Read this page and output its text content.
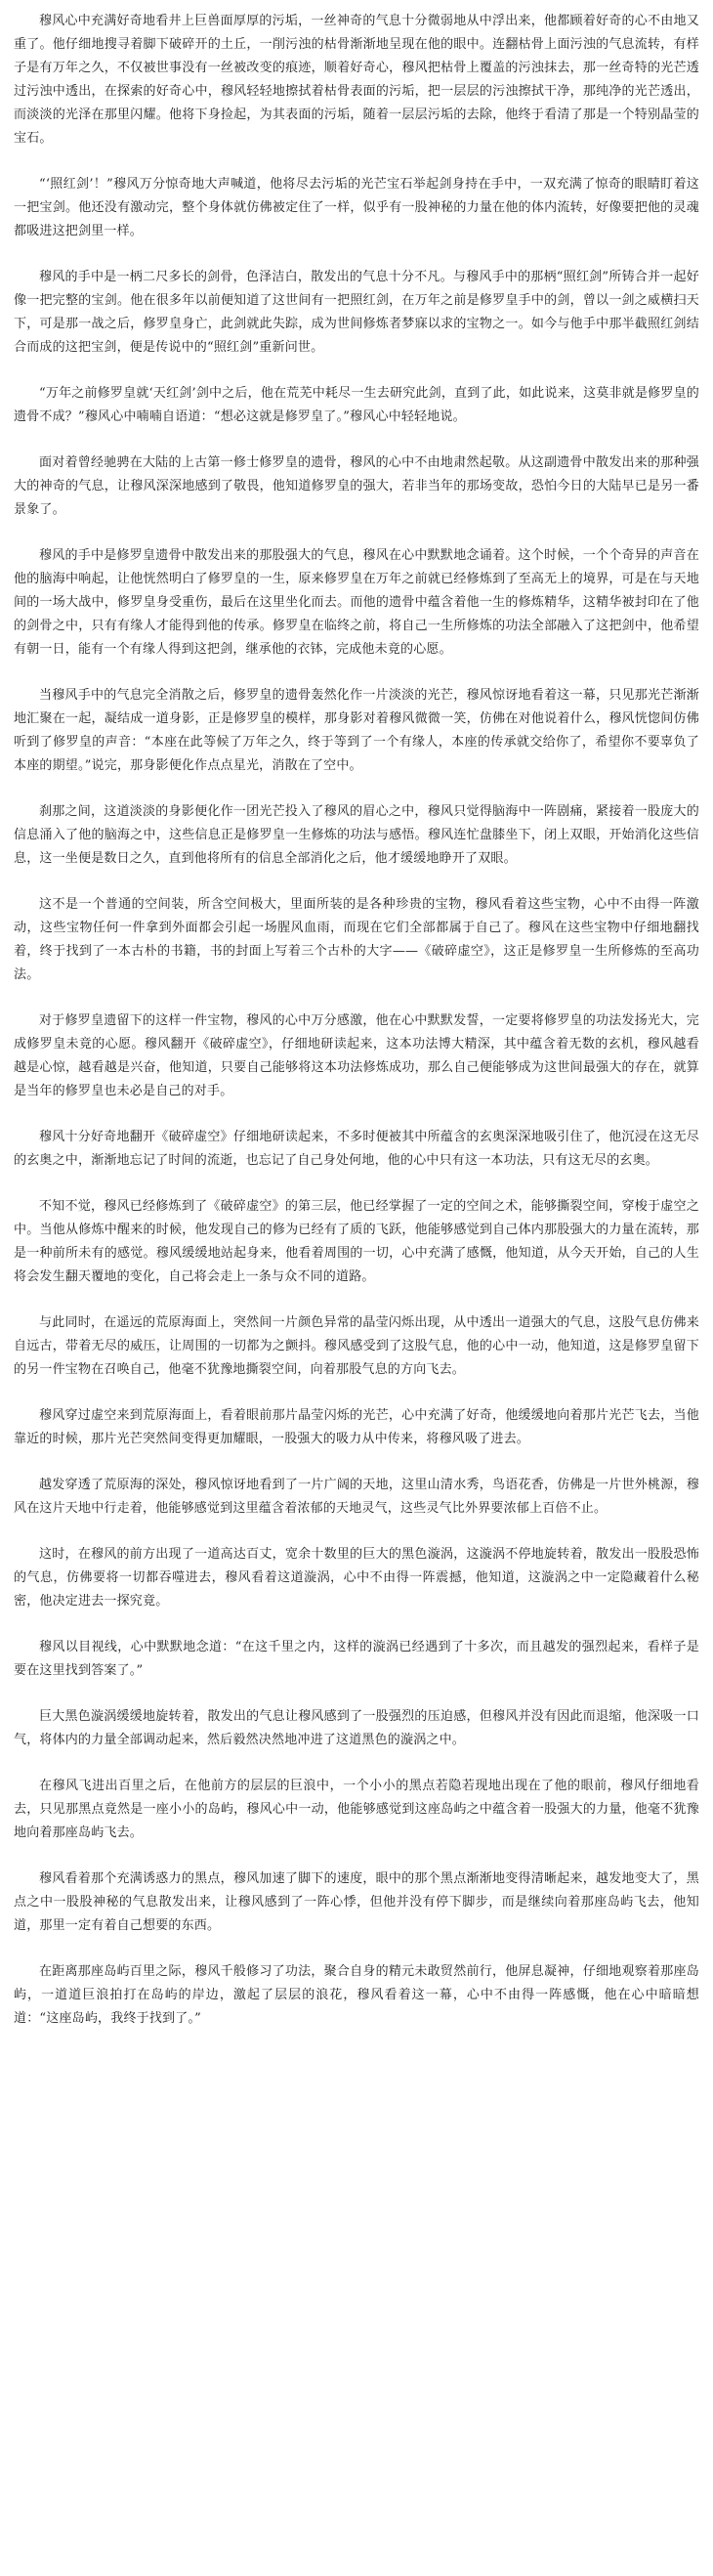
穆风心中充满好奇地看井上巨兽面厚厚的污垢，一丝神奇的气息十分微弱地从中浮出来，他都顾着好奇的心不由地又重了。他仔细地搜寻着脚下破碎开的土丘，一削污浊的枯骨渐渐地呈现在他的眼中。连翻枯骨上面污浊的气息流转，有样子是有万年之久，不仅被世事没有一丝被改变的痕迹，顺着好奇心，穆风把枯骨上覆盖的污浊抹去，那一丝奇特的光芒透过污浊中透出，在探索的好奇心中，穆风轻轻地擦拭着枯骨表面的污垢，把一层层的污浊擦拭干净，那纯净的光芒透出，而淡淡的光泽在那里闪耀。他将下身捡起，为其表面的污垢，随着一层层污垢的去除，他终于看清了那是一个特别晶莹的宝石。

“‘照红剑’！”穆风万分惊奇地大声喊道，他将尽去污垢的光芒宝石举起剑身持在手中，一双充满了惊奇的眼睛盯着这一把宝剑。他还没有激动完，整个身体就仿佛被定住了一样，似乎有一股神秘的力量在他的体内流转，好像要把他的灵魂都吸进这把剑里一样。

穆风的手中是一柄二尺多长的剑骨，色泽洁白，散发出的气息十分不凡。与穆风手中的那柄“照红剑”所铸合并一起好像一把完整的宝剑。他在很多年以前便知道了这世间有一把照红剑，在万年之前是修罗皇手中的剑，曾以一剑之威横扫天下，可是那一战之后，修罗皇身亡，此剑就此失踪，成为世间修炼者梦寐以求的宝物之一。如今与他手中那半截照红剑结合而成的这把宝剑，便是传说中的“照红剑”重新问世。

“万年之前修罗皇就‘天红剑’剑中之后，他在荒芜中耗尽一生去研究此剑，直到了此，如此说来，这莫非就是修罗皇的遗骨不成？”穆风心中喃喃自语道：“想必这就是修罗皇了。”穆风心中轻轻地说。

面对着曾经驰骋在大陆的上古第一修士修罗皇的遗骨，穆风的心中不由地肃然起敬。从这副遗骨中散发出来的那种强大的神奇的气息，让穆风深深地感到了敬畏，他知道修罗皇的强大，若非当年的那场变故，恐怕今日的大陆早已是另一番景象了。

穆风的手中是修罗皇遗骨中散发出来的那股强大的气息，穆风在心中默默地念诵着。这个时候，一个个奇异的声音在他的脑海中响起，让他恍然明白了修罗皇的一生，原来修罗皇在万年之前就已经修炼到了至高无上的境界，可是在与天地间的一场大战中，修罗皇身受重伤，最后在这里坐化而去。而他的遗骨中蕴含着他一生的修炼精华，这精华被封印在了他的剑骨之中，只有有缘人才能得到他的传承。修罗皇在临终之前，将自己一生所修炼的功法全部融入了这把剑中，他希望有朝一日，能有一个有缘人得到这把剑，继承他的衣钵，完成他未竟的心愿。

当穆风手中的气息完全消散之后，修罗皇的遗骨轰然化作一片淡淡的光芒，穆风惊讶地看着这一幕，只见那光芒渐渐地汇聚在一起，凝结成一道身影，正是修罗皇的模样，那身影对着穆风微微一笑，仿佛在对他说着什么，穆风恍惚间仿佛听到了修罗皇的声音：“本座在此等候了万年之久，终于等到了一个有缘人，本座的传承就交给你了，希望你不要辜负了本座的期望。”说完，那身影便化作点点星光，消散在了空中。

刹那之间，这道淡淡的身影便化作一团光芒投入了穆风的眉心之中，穆风只觉得脑海中一阵剧痛，紧接着一股庞大的信息涌入了他的脑海之中，这些信息正是修罗皇一生修炼的功法与感悟。穆风连忙盘膝坐下，闭上双眼，开始消化这些信息，这一坐便是数日之久，直到他将所有的信息全部消化之后，他才缓缓地睁开了双眼。

这不是一个普通的空间装，所含空间极大，里面所装的是各种珍贵的宝物，穆风看着这些宝物，心中不由得一阵激动，这些宝物任何一件拿到外面都会引起一场腥风血雨，而现在它们全部都属于自己了。穆风在这些宝物中仔细地翻找着，终于找到了一本古朴的书籍，书的封面上写着三个古朴的大字——《破碎虚空》，这正是修罗皇一生所修炼的至高功法。

对于修罗皇遗留下的这样一件宝物，穆风的心中万分感激，他在心中默默发誓，一定要将修罗皇的功法发扬光大，完成修罗皇未竟的心愿。穆风翻开《破碎虚空》，仔细地研读起来，这本功法博大精深，其中蕴含着无数的玄机，穆风越看越是心惊，越看越是兴奋，他知道，只要自己能够将这本功法修炼成功，那么自己便能够成为这世间最强大的存在，就算是当年的修罗皇也未必是自己的对手。

穆风十分好奇地翻开《破碎虚空》仔细地研读起来，不多时便被其中所蕴含的玄奥深深地吸引住了，他沉浸在这无尽的玄奥之中，渐渐地忘记了时间的流逝，也忘记了自己身处何地，他的心中只有这一本功法，只有这无尽的玄奥。

不知不觉，穆风已经修炼到了《破碎虚空》的第三层，他已经掌握了一定的空间之术，能够撕裂空间，穿梭于虚空之中。当他从修炼中醒来的时候，他发现自己的修为已经有了质的飞跃，他能够感觉到自己体内那股强大的力量在流转，那是一种前所未有的感觉。穆风缓缓地站起身来，他看着周围的一切，心中充满了感慨，他知道，从今天开始，自己的人生将会发生翻天覆地的变化，自己将会走上一条与众不同的道路。

与此同时，在遥远的荒原海面上，突然间一片颜色异常的晶莹闪烁出现，从中透出一道强大的气息，这股气息仿佛来自远古，带着无尽的威压，让周围的一切都为之颤抖。穆风感受到了这股气息，他的心中一动，他知道，这是修罗皇留下的另一件宝物在召唤自己，他毫不犹豫地撕裂空间，向着那股气息的方向飞去。

穆风穿过虚空来到荒原海面上，看着眼前那片晶莹闪烁的光芒，心中充满了好奇，他缓缓地向着那片光芒飞去，当他靠近的时候，那片光芒突然间变得更加耀眼，一股强大的吸力从中传来，将穆风吸了进去。

越发穿透了荒原海的深处，穆风惊讶地看到了一片广阔的天地，这里山清水秀，鸟语花香，仿佛是一片世外桃源，穆风在这片天地中行走着，他能够感觉到这里蕴含着浓郁的天地灵气，这些灵气比外界要浓郁上百倍不止。

这时，在穆风的前方出现了一道高达百丈，宽余十数里的巨大的黑色漩涡，这漩涡不停地旋转着，散发出一股股恐怖的气息，仿佛要将一切都吞噬进去，穆风看着这道漩涡，心中不由得一阵震撼，他知道，这漩涡之中一定隐藏着什么秘密，他决定进去一探究竟。

穆风以目视线，心中默默地念道：“在这千里之内，这样的漩涡已经遇到了十多次，而且越发的强烈起来，看样子是要在这里找到答案了。”

巨大黑色漩涡缓缓地旋转着，散发出的气息让穆风感到了一股强烈的压迫感，但穆风并没有因此而退缩，他深吸一口气，将体内的力量全部调动起来，然后毅然决然地冲进了这道黑色的漩涡之中。

在穆风飞进出百里之后，在他前方的层层的巨浪中，一个小小的黑点若隐若现地出现在了他的眼前，穆风仔细地看去，只见那黑点竟然是一座小小的岛屿，穆风心中一动，他能够感觉到这座岛屿之中蕴含着一股强大的力量，他毫不犹豫地向着那座岛屿飞去。

穆风看着那个充满诱惑力的黑点，穆风加速了脚下的速度，眼中的那个黑点渐渐地变得清晰起来，越发地变大了，黑点之中一股股神秘的气息散发出来，让穆风感到了一阵心悸，但他并没有停下脚步，而是继续向着那座岛屿飞去，他知道，那里一定有着自己想要的东西。

在距离那座岛屿百里之际，穆风千般修习了功法，聚合自身的精元未敢贸然前行，他屏息凝神，仔细地观察着那座岛屿，一道道巨浪拍打在岛屿的岸边，激起了层层的浪花，穆风看着这一幕，心中不由得一阵感慨，他在心中暗暗想道：“这座岛屿，我终于找到了。”
